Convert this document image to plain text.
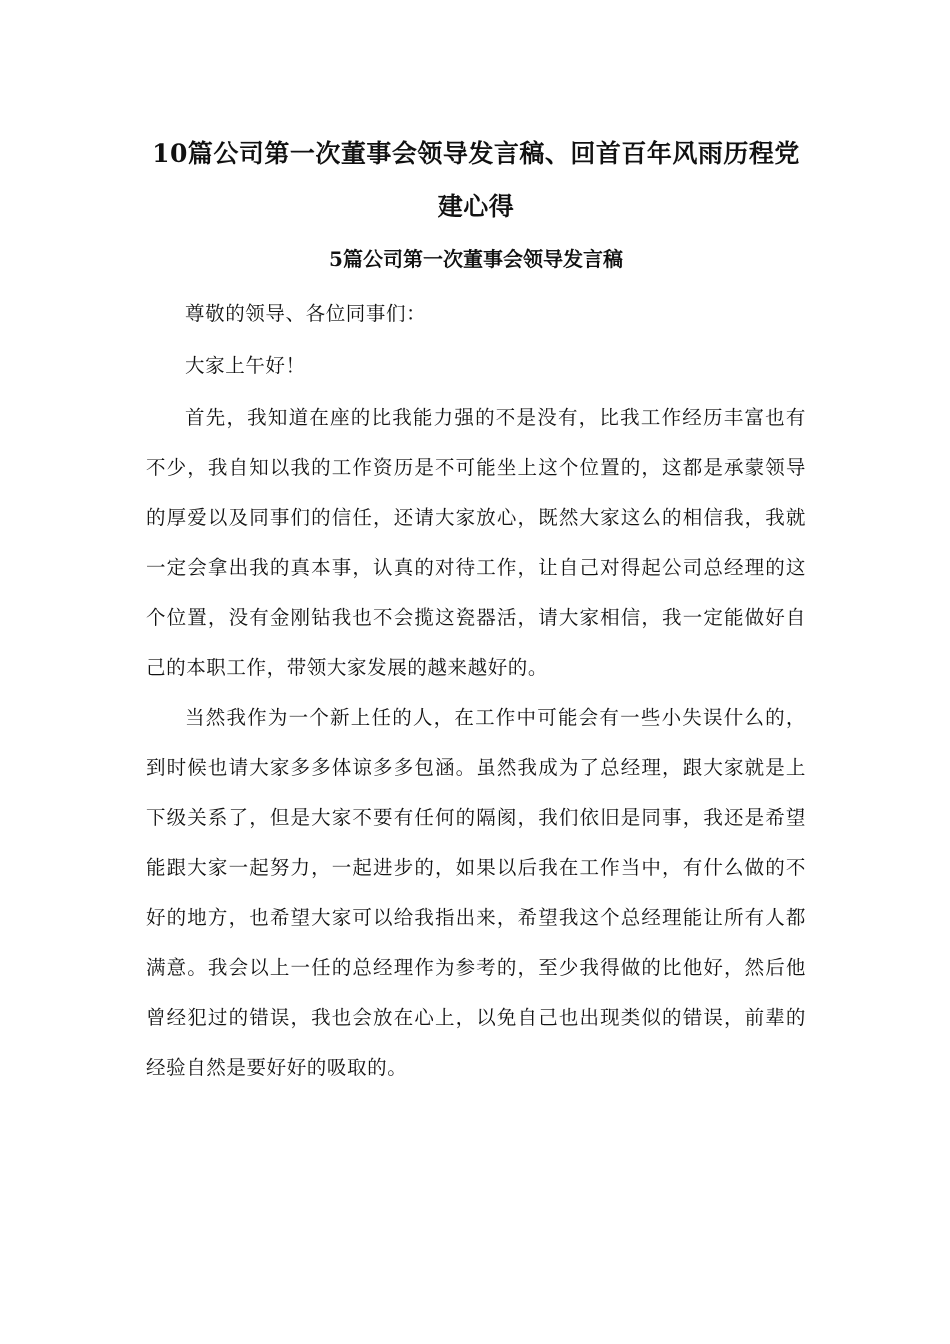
10篇公司第一次董事会领导发言稿、回首百年风雨历程党建心得
5篇公司第一次董事会领导发言稿

尊敬的领导、各位同事们：

大家上午好！

首先，我知道在座的比我能力强的不是没有，比我工作经历丰富也有不少，我自知以我的工作资历是不可能坐上这个位置的，这都是承蒙领导的厚爱以及同事们的信任，还请大家放心，既然大家这么的相信我，我就一定会拿出我的真本事，认真的对待工作，让自己对得起公司总经理的这个位置，没有金刚钻我也不会揽这瓷器活，请大家相信，我一定能做好自己的本职工作，带领大家发展的越来越好的。

当然我作为一个新上任的人，在工作中可能会有一些小失误什么的，到时候也请大家多多体谅多多包涵。虽然我成为了总经理，跟大家就是上下级关系了，但是大家不要有任何的隔阂，我们依旧是同事，我还是希望能跟大家一起努力，一起进步的，如果以后我在工作当中，有什么做的不好的地方，也希望大家可以给我指出来，希望我这个总经理能让所有人都满意。我会以上一任的总经理作为参考的，至少我得做的比他好，然后他曾经犯过的错误，我也会放在心上，以免自己也出现类似的错误，前辈的经验自然是要好好的吸取的。
